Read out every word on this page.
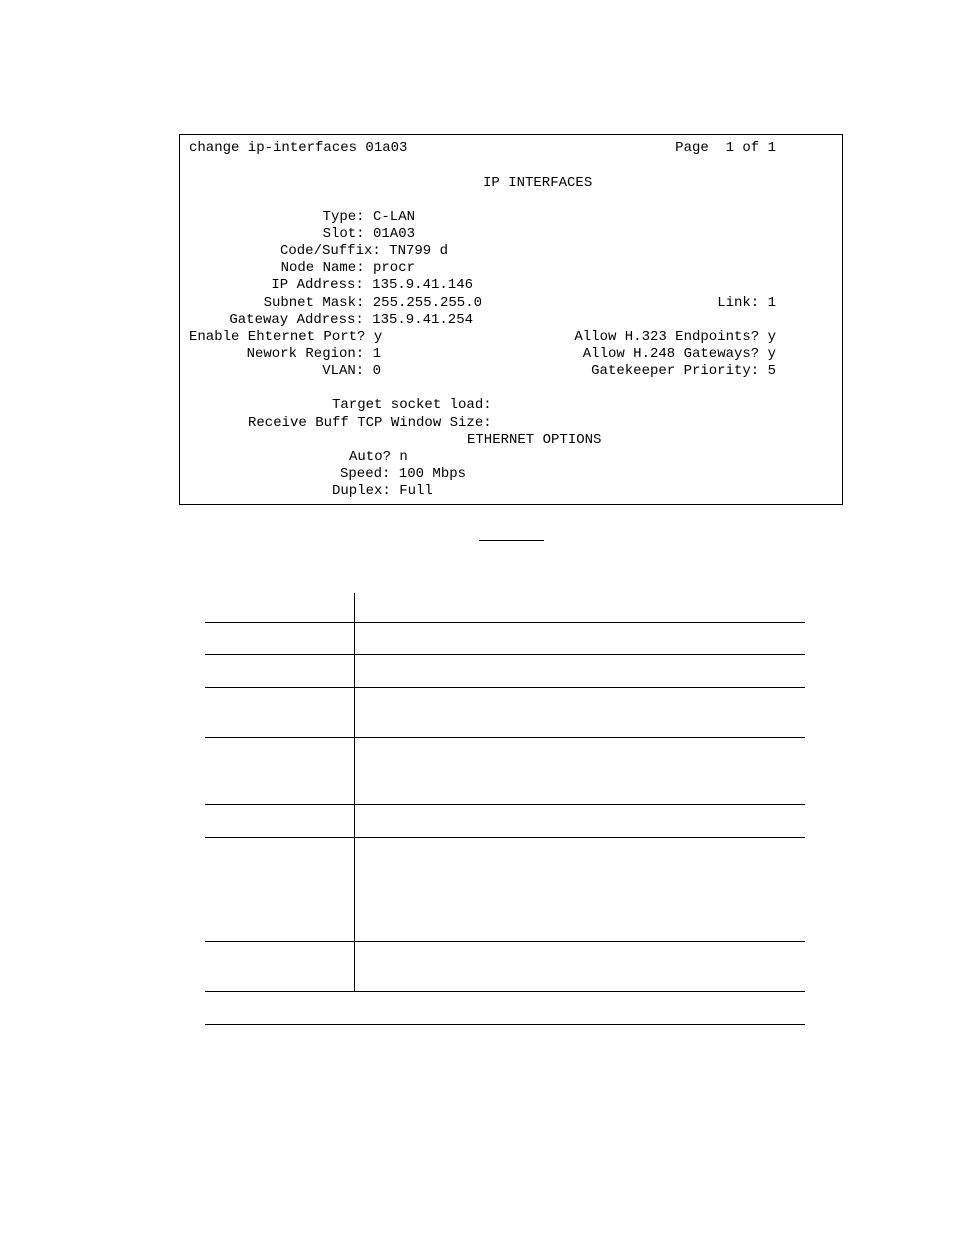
change ip-interfaces 01a03	Page  1 of 1
IP INTERFACES
Type: C-LAN
Slot: 01A03
Code/Suffix: TN799 d
Node Name: procr
IP Address: 135.9.41.146
Subnet Mask: 255.255.255.0	Link: 1
Gateway Address: 135.9.41.254
Enable Ehternet Port? y	Allow H.323 Endpoints? y
Nework Region: 1	Allow H.248 Gateways? y
VLAN: 0	Gatekeeper Priority: 5
Target socket load:
Receive Buff TCP Window Size:
ETHERNET OPTIONS
Auto? n
Speed: 100 Mbps
Duplex: Full
